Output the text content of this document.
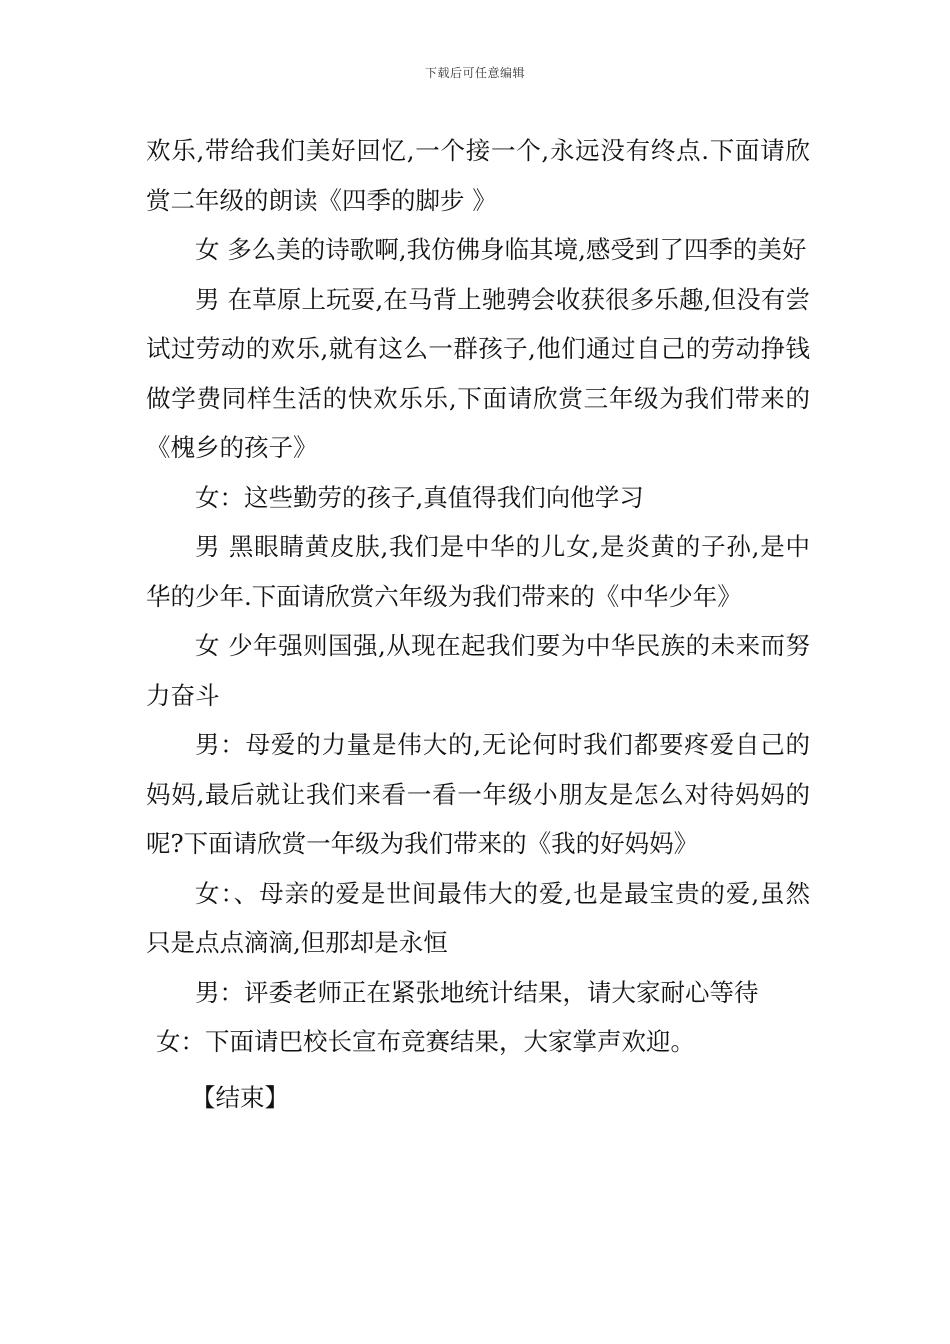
下载后可任意编辑

欢乐,带给我们美好回忆,一个接一个,永远没有终点.下面请欣赏二年级的朗读《四季的脚步 》

女 多么美的诗歌啊,我仿佛身临其境,感受到了四季的美好

男 在草原上玩耍,在马背上驰骋会收获很多乐趣,但没有尝试过劳动的欢乐,就有这么一群孩子,他们通过自己的劳动挣钱做学费同样生活的快欢乐乐,下面请欣赏三年级为我们带来的《槐乡的孩子》

女：这些勤劳的孩子,真值得我们向他学习

男 黑眼睛黄皮肤,我们是中华的儿女,是炎黄的子孙,是中华的少年.下面请欣赏六年级为我们带来的《中华少年》

女 少年强则国强,从现在起我们要为中华民族的未来而努力奋斗

男：母爱的力量是伟大的,无论何时我们都要疼爱自己的妈妈,最后就让我们来看一看一年级小朋友是怎么对待妈妈的呢?下面请欣赏一年级为我们带来的《我的好妈妈》

女：、母亲的爱是世间最伟大的爱,也是最宝贵的爱,虽然只是点点滴滴,但那却是永恒

男：评委老师正在紧张地统计结果，请大家耐心等待

女：下面请巴校长宣布竞赛结果，大家掌声欢迎。

【结束】
